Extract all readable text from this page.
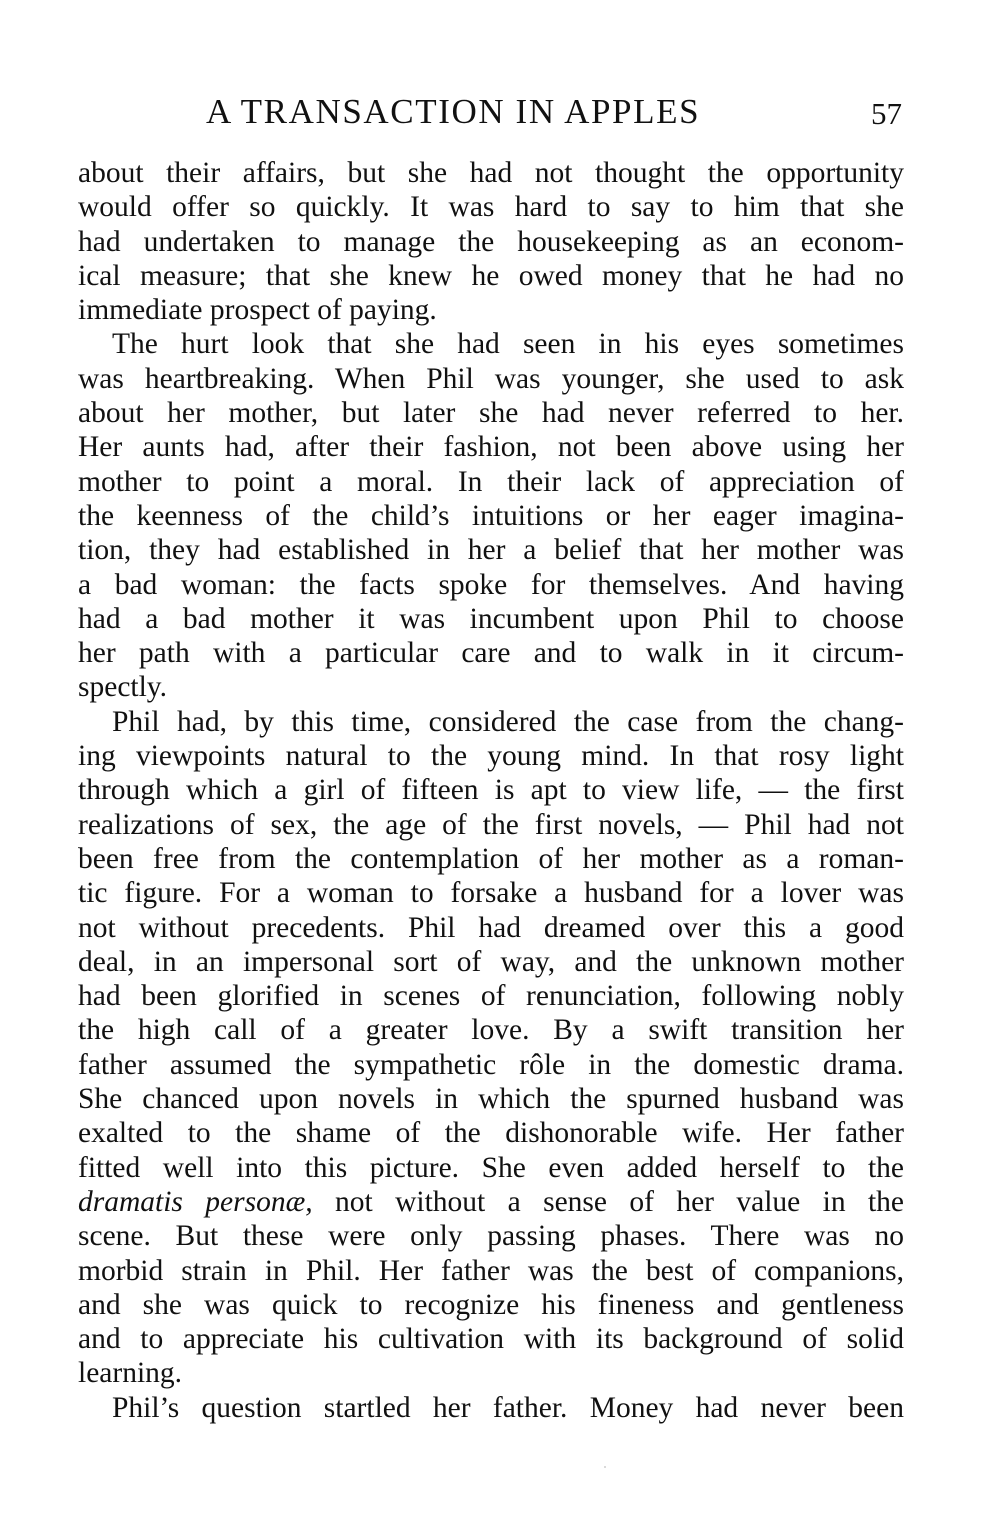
A TRANSACTION IN APPLES	57
about their affairs, but she had not thought the opportunity
would offer so quickly. It was hard to say to him that she
had undertaken to manage the housekeeping as an econom-
ical measure; that she knew he owed money that he had no
immediate prospect of paying.
The hurt look that she had seen in his eyes sometimes
was heartbreaking. When Phil was younger, she used to ask
about her mother, but later she had never referred to her.
Her aunts had, after their fashion, not been above using her
mother to point a moral. In their lack of appreciation of
the keenness of the child’s intuitions or her eager imagina-
tion, they had established in her a belief that her mother was
a bad woman: the facts spoke for themselves. And having
had a bad mother it was incumbent upon Phil to choose
her path with a particular care and to walk in it circum-
spectly.
Phil had, by this time, considered the case from the chang-
ing viewpoints natural to the young mind. In that rosy light
through which a girl of fifteen is apt to view life, — the first
realizations of sex, the age of the first novels, — Phil had not
been free from the contemplation of her mother as a roman-
tic figure. For a woman to forsake a husband for a lover was
not without precedents. Phil had dreamed over this a good
deal, in an impersonal sort of way, and the unknown mother
had been glorified in scenes of renunciation, following nobly
the high call of a greater love. By a swift transition her
father assumed the sympathetic rôle in the domestic drama.
She chanced upon novels in which the spurned husband was
exalted to the shame of the dishonorable wife. Her father
fitted well into this picture. She even added herself to the
dramatis personæ, not without a sense of her value in the
scene. But these were only passing phases. There was no
morbid strain in Phil. Her father was the best of companions,
and she was quick to recognize his fineness and gentleness
and to appreciate his cultivation with its background of solid
learning.
Phil’s question startled her father. Money had never been
